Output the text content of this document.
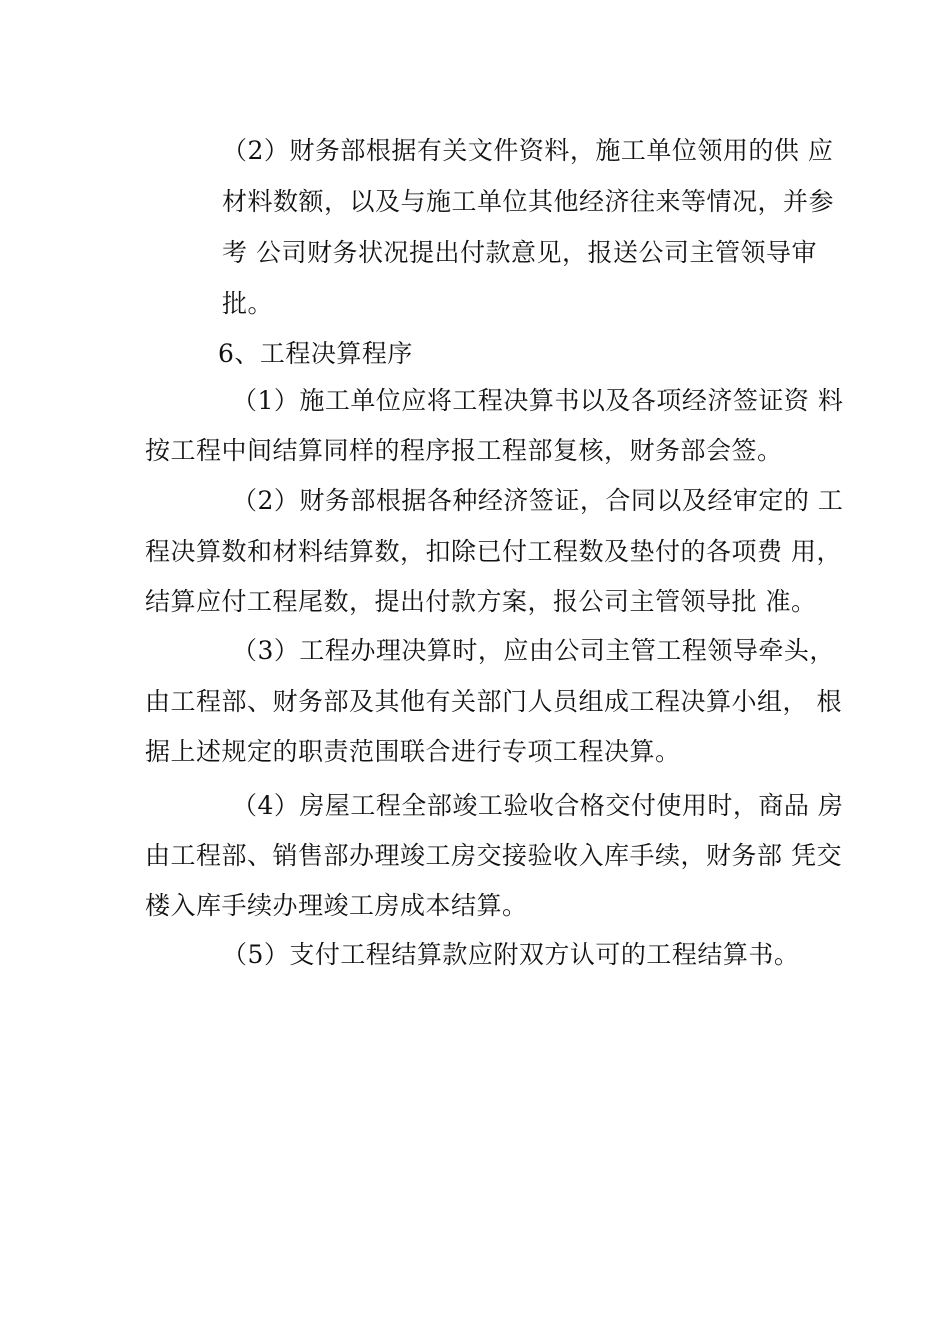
（2）财务部根据有关文件资料，施工单位领用的供 应
材料数额，以及与施工单位其他经济往来等情况，并参
考 公司财务状况提出付款意见，报送公司主管领导审
批。
6、工程决算程序
（1）施工单位应将工程决算书以及各项经济签证资 料
按工程中间结算同样的程序报工程部复核，财务部会签。
（2）财务部根据各种经济签证，合同以及经审定的 工
程决算数和材料结算数，扣除已付工程数及垫付的各项费 用，
结算应付工程尾数，提出付款方案，报公司主管领导批 准。
（3）工程办理决算时，应由公司主管工程领导牵头，
由工程部、财务部及其他有关部门人员组成工程决算小组， 根
据上述规定的职责范围联合进行专项工程决算。
（4）房屋工程全部竣工验收合格交付使用时，商品 房
由工程部、销售部办理竣工房交接验收入库手续，财务部 凭交
楼入库手续办理竣工房成本结算。
（5）支付工程结算款应附双方认可的工程结算书。
